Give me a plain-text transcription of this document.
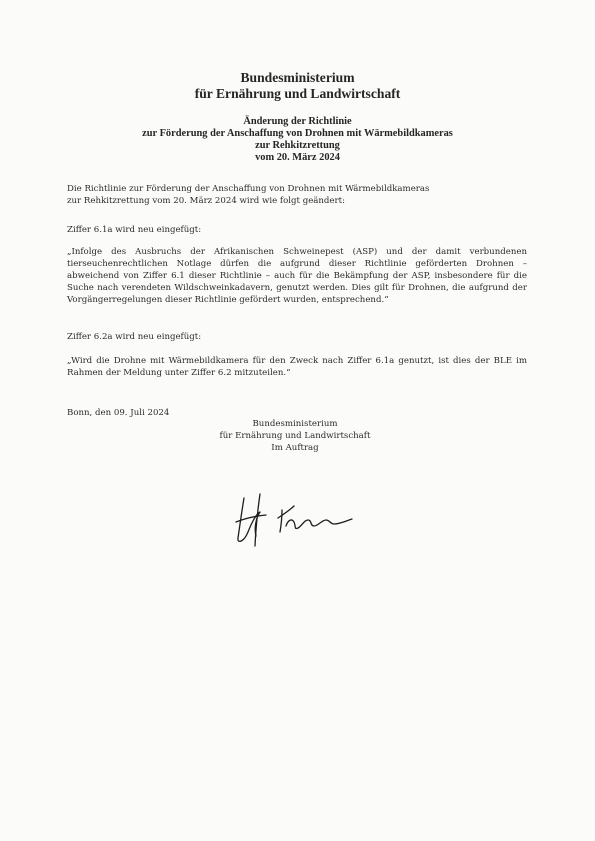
Bundesministerium
für Ernährung und Landwirtschaft
Änderung der Richtlinie
zur Förderung der Anschaffung von Drohnen mit Wärmebildkameras
zur Rehkitzrettung
vom 20. März 2024
Die Richtlinie zur Förderung der Anschaffung von Drohnen mit Wärmebildkameras
zur Rehkitzrettung vom 20. März 2024 wird wie folgt geändert:
Ziffer 6.1a wird neu eingefügt:
„Infolge des Ausbruchs der Afrikanischen Schweinepest (ASP) und der damit verbundenen tierseuchenrechtlichen Notlage dürfen die aufgrund dieser Richtlinie geförderten Drohnen – abweichend von Ziffer 6.1 dieser Richtlinie – auch für die Bekämpfung der ASP, insbesondere für die Suche nach verendeten Wildschweinkadavern, genutzt werden. Dies gilt für Drohnen, die aufgrund der Vorgängerregelungen dieser Richtlinie gefördert wurden, entsprechend.“
Ziffer 6.2a wird neu eingefügt:
„Wird die Drohne mit Wärmebildkamera für den Zweck nach Ziffer 6.1a genutzt, ist dies der BLE im Rahmen der Meldung unter Ziffer 6.2 mitzuteilen.“
Bonn, den 09. Juli 2024
Bundesministerium
für Ernährung und Landwirtschaft
Im Auftrag
